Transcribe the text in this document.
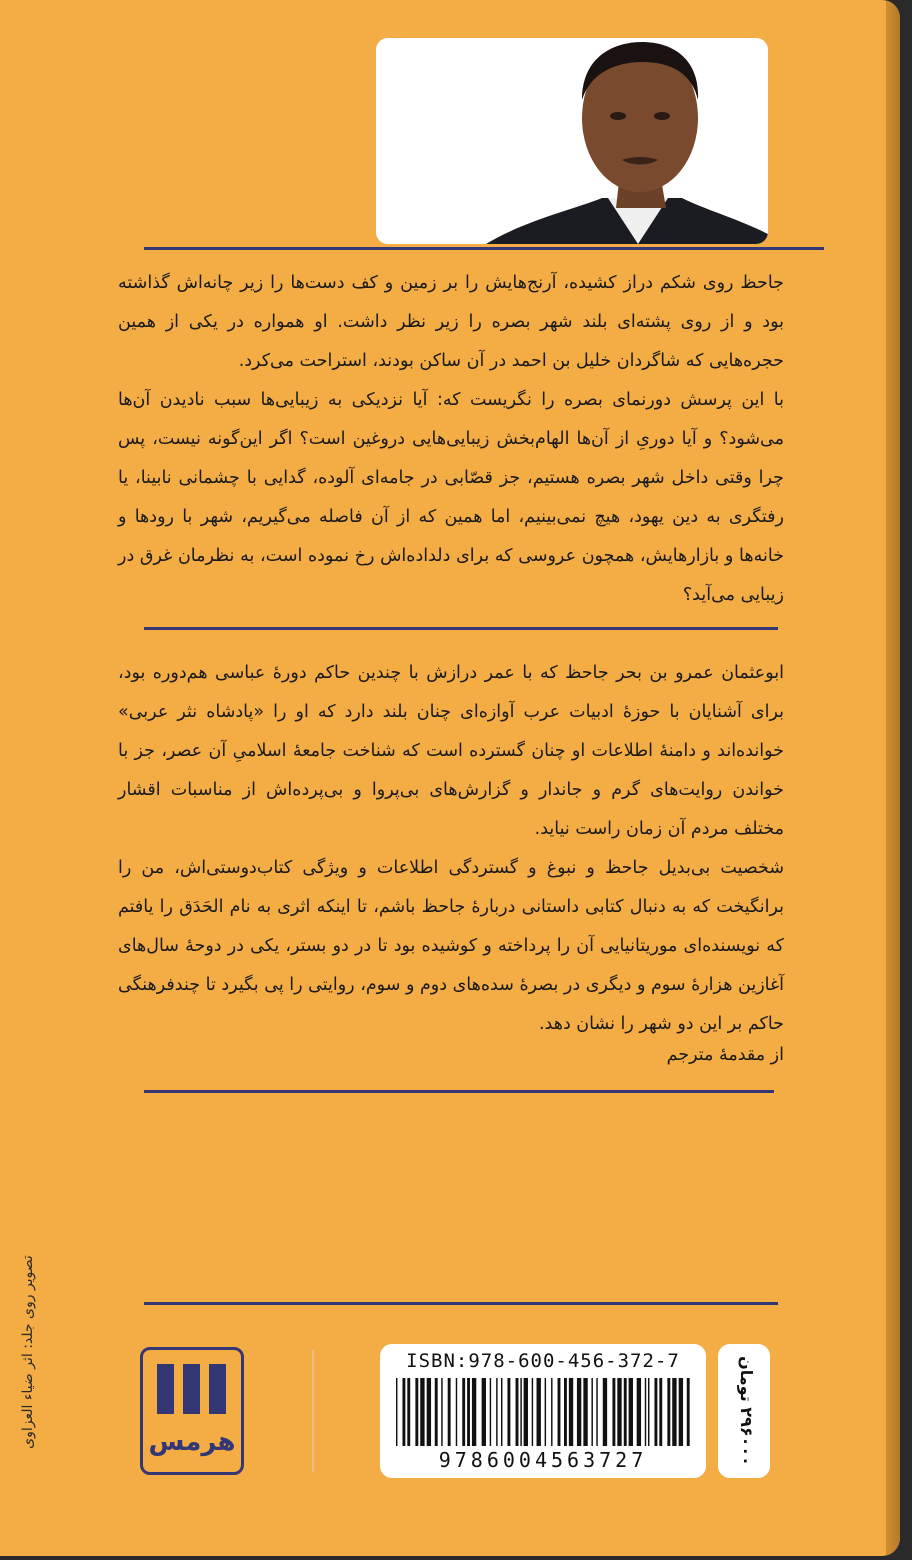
جاحظ روی شکم دراز کشیده، آرنج‌هایش را بر زمین و کف دست‌ها را زیر چانه‌اش گذاشته بود و از روی پشته‌ای بلند شهر بصره را زیر نظر داشت. او همواره در یکی از همین حجره‌هایی که شاگردان خلیل بن احمد در آن ساکن بودند، استراحت می‌کرد.

با این پرسش دورنمای بصره را نگریست که: آیا نزدیکی به زیبایی‌ها سبب نادیدن آن‌ها می‌شود؟ و آیا دوریِ از آن‌ها الهام‌بخش زیبایی‌هایی دروغین است؟ اگر این‌گونه نیست، پس چرا وقتی داخل شهر بصره هستیم، جز قصّابی در جامه‌ای آلوده، گدایی با چشمانی نابینا، یا رفتگری به دین یهود، هیچ نمی‌بینیم، اما همین که از آن فاصله می‌گیریم، شهر با رودها و خانه‌ها و بازارهایش، همچون عروسی که برای دلداده‌اش رخ نموده است، به نظرمان غرق در زیبایی می‌آید؟

ابوعثمان عمرو بن بحر جاحظ که با عمر درازش با چندین حاکم دورهٔ عباسی هم‌دوره بود، برای آشنایان با حوزهٔ ادبیات عرب آوازه‌ای چنان بلند دارد که او را «پادشاه نثر عربی» خوانده‌اند و دامنهٔ اطلاعات او چنان گسترده است که شناخت جامعهٔ اسلامیِ آن عصر، جز با خواندن روایت‌های گرم و جاندار و گزارش‌های بی‌پروا و بی‌پرده‌اش از مناسبات اقشار مختلف مردم آن زمان راست نیاید.

شخصیت بی‌بدیل جاحظ و نبوغ و گستردگی اطلاعات و ویژگی کتاب‌دوستی‌اش، من را برانگیخت که به دنبال کتابی داستانی دربارهٔ جاحظ باشم، تا اینکه اثری به نام الحَدَق را یافتم که نویسنده‌ای موریتانیایی آن را پرداخته و کوشیده بود تا در دو بستر، یکی در دوحهٔ سال‌های آغازین هزارهٔ سوم و دیگری در بصرهٔ سده‌های دوم و سوم، روایتی را پی بگیرد تا چندفرهنگی حاکم بر این دو شهر را نشان دهد.

از مقدمهٔ مترجم
تصویر روی جلد: اثر ضیاء العزاوی	هرمس
ISBN:978-600-456-372-7
9786004563727
۲۹۶۰۰۰ تومان
